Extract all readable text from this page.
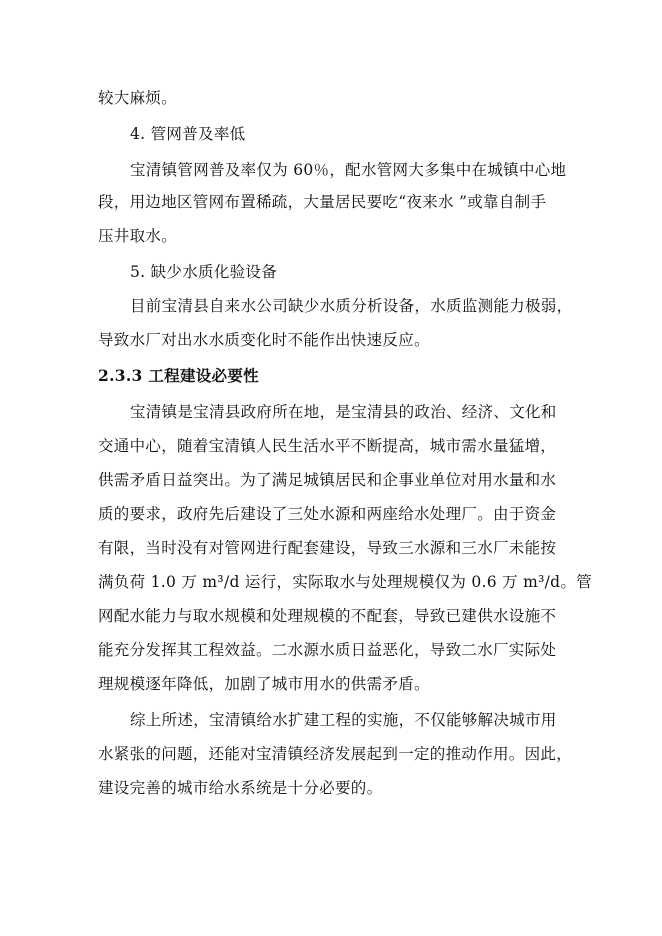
较大麻烦。
4. 管网普及率低
宝清镇管网普及率仅为 60％，配水管网大多集中在城镇中心地
段，用边地区管网布置稀疏，大量居民要吃“夜来水 ”或靠自制手
压井取水。
5. 缺少水质化验设备
目前宝清县自来水公司缺少水质分析设备，水质监测能力极弱，
导致水厂对出水水质变化时不能作出快速反应。
2.3.3 工程建设必要性
宝清镇是宝清县政府所在地，是宝清县的政治、经济、文化和
交通中心，随着宝清镇人民生活水平不断提高，城市需水量猛增，
供需矛盾日益突出。为了满足城镇居民和企事业单位对用水量和水
质的要求，政府先后建设了三处水源和两座给水处理厂。由于资金
有限，当时没有对管网进行配套建设，导致三水源和三水厂未能按
满负荷 1.0 万 m³/d 运行，实际取水与处理规模仅为 0.6 万 m³/d。管
网配水能力与取水规模和处理规模的不配套，导致已建供水设施不
能充分发挥其工程效益。二水源水质日益恶化，导致二水厂实际处
理规模逐年降低，加剧了城市用水的供需矛盾。
综上所述，宝清镇给水扩建工程的实施，不仅能够解决城市用
水紧张的问题，还能对宝清镇经济发展起到一定的推动作用。因此，
建设完善的城市给水系统是十分必要的。
